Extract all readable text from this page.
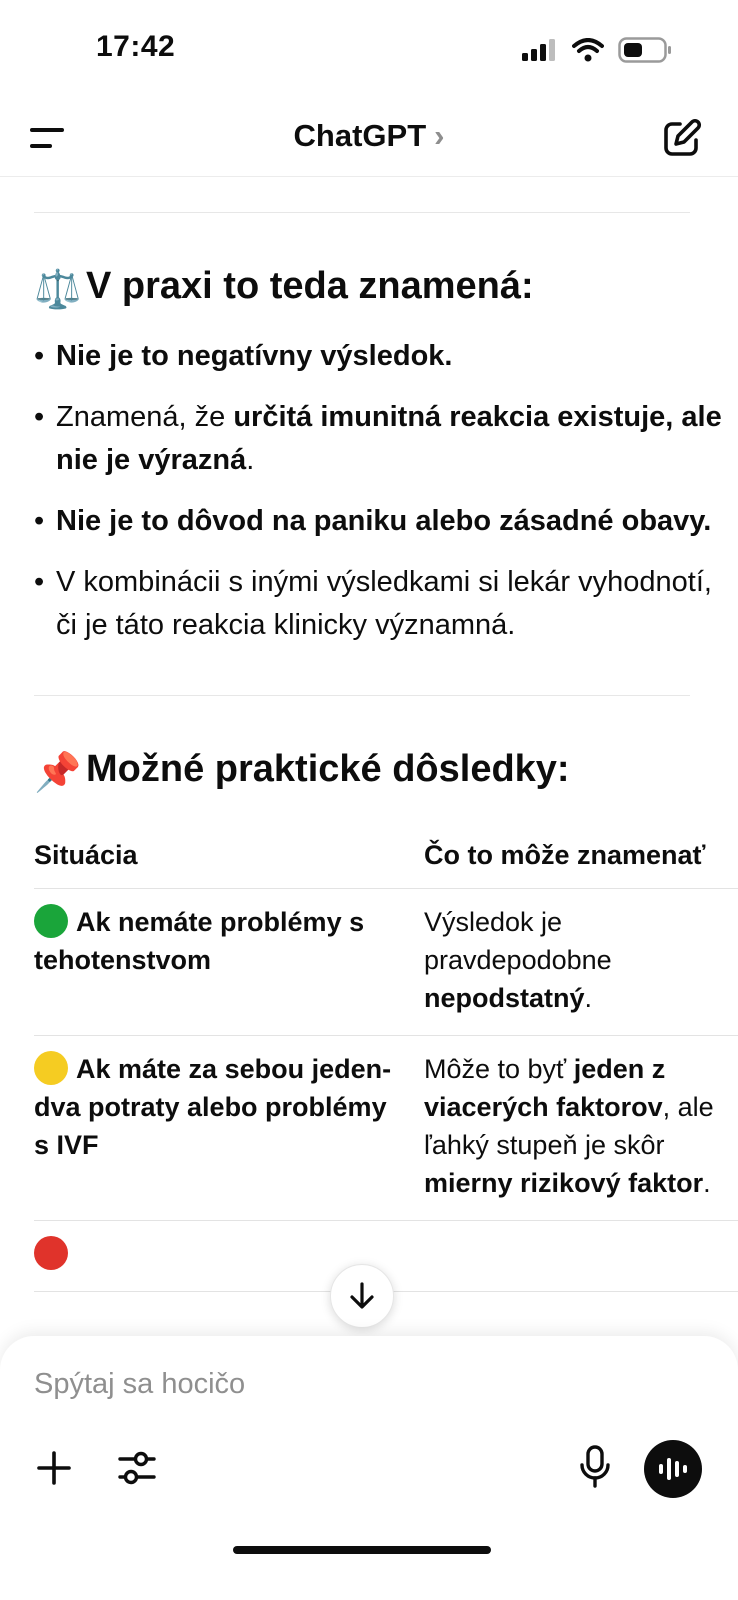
17:42
ChatGPT ›
⚖️ V praxi to teda znamená:
• Nie je to negatívny výsledok.
• Znamená, že určitá imunitná reakcia existuje, ale nie je výrazná.
• Nie je to dôvod na paniku alebo zásadné obavy.
• V kombinácii s inými výsledkami si lekár vyhodnotí, či je táto reakcia klinicky významná.
📌 Možné praktické dôsledky:
Situácia	Čo to môže znamenať
Ak nemáte problémy s tehotenstvom	Výsledok je pravdepodobne nepodstatný.
Ak máte za sebou jeden-dva potraty alebo problémy s IVF	Môže to byť jeden z viacerých faktorov, ale ľahký stupeň je skôr mierny rizikový faktor.

Spýtaj sa hocičo
